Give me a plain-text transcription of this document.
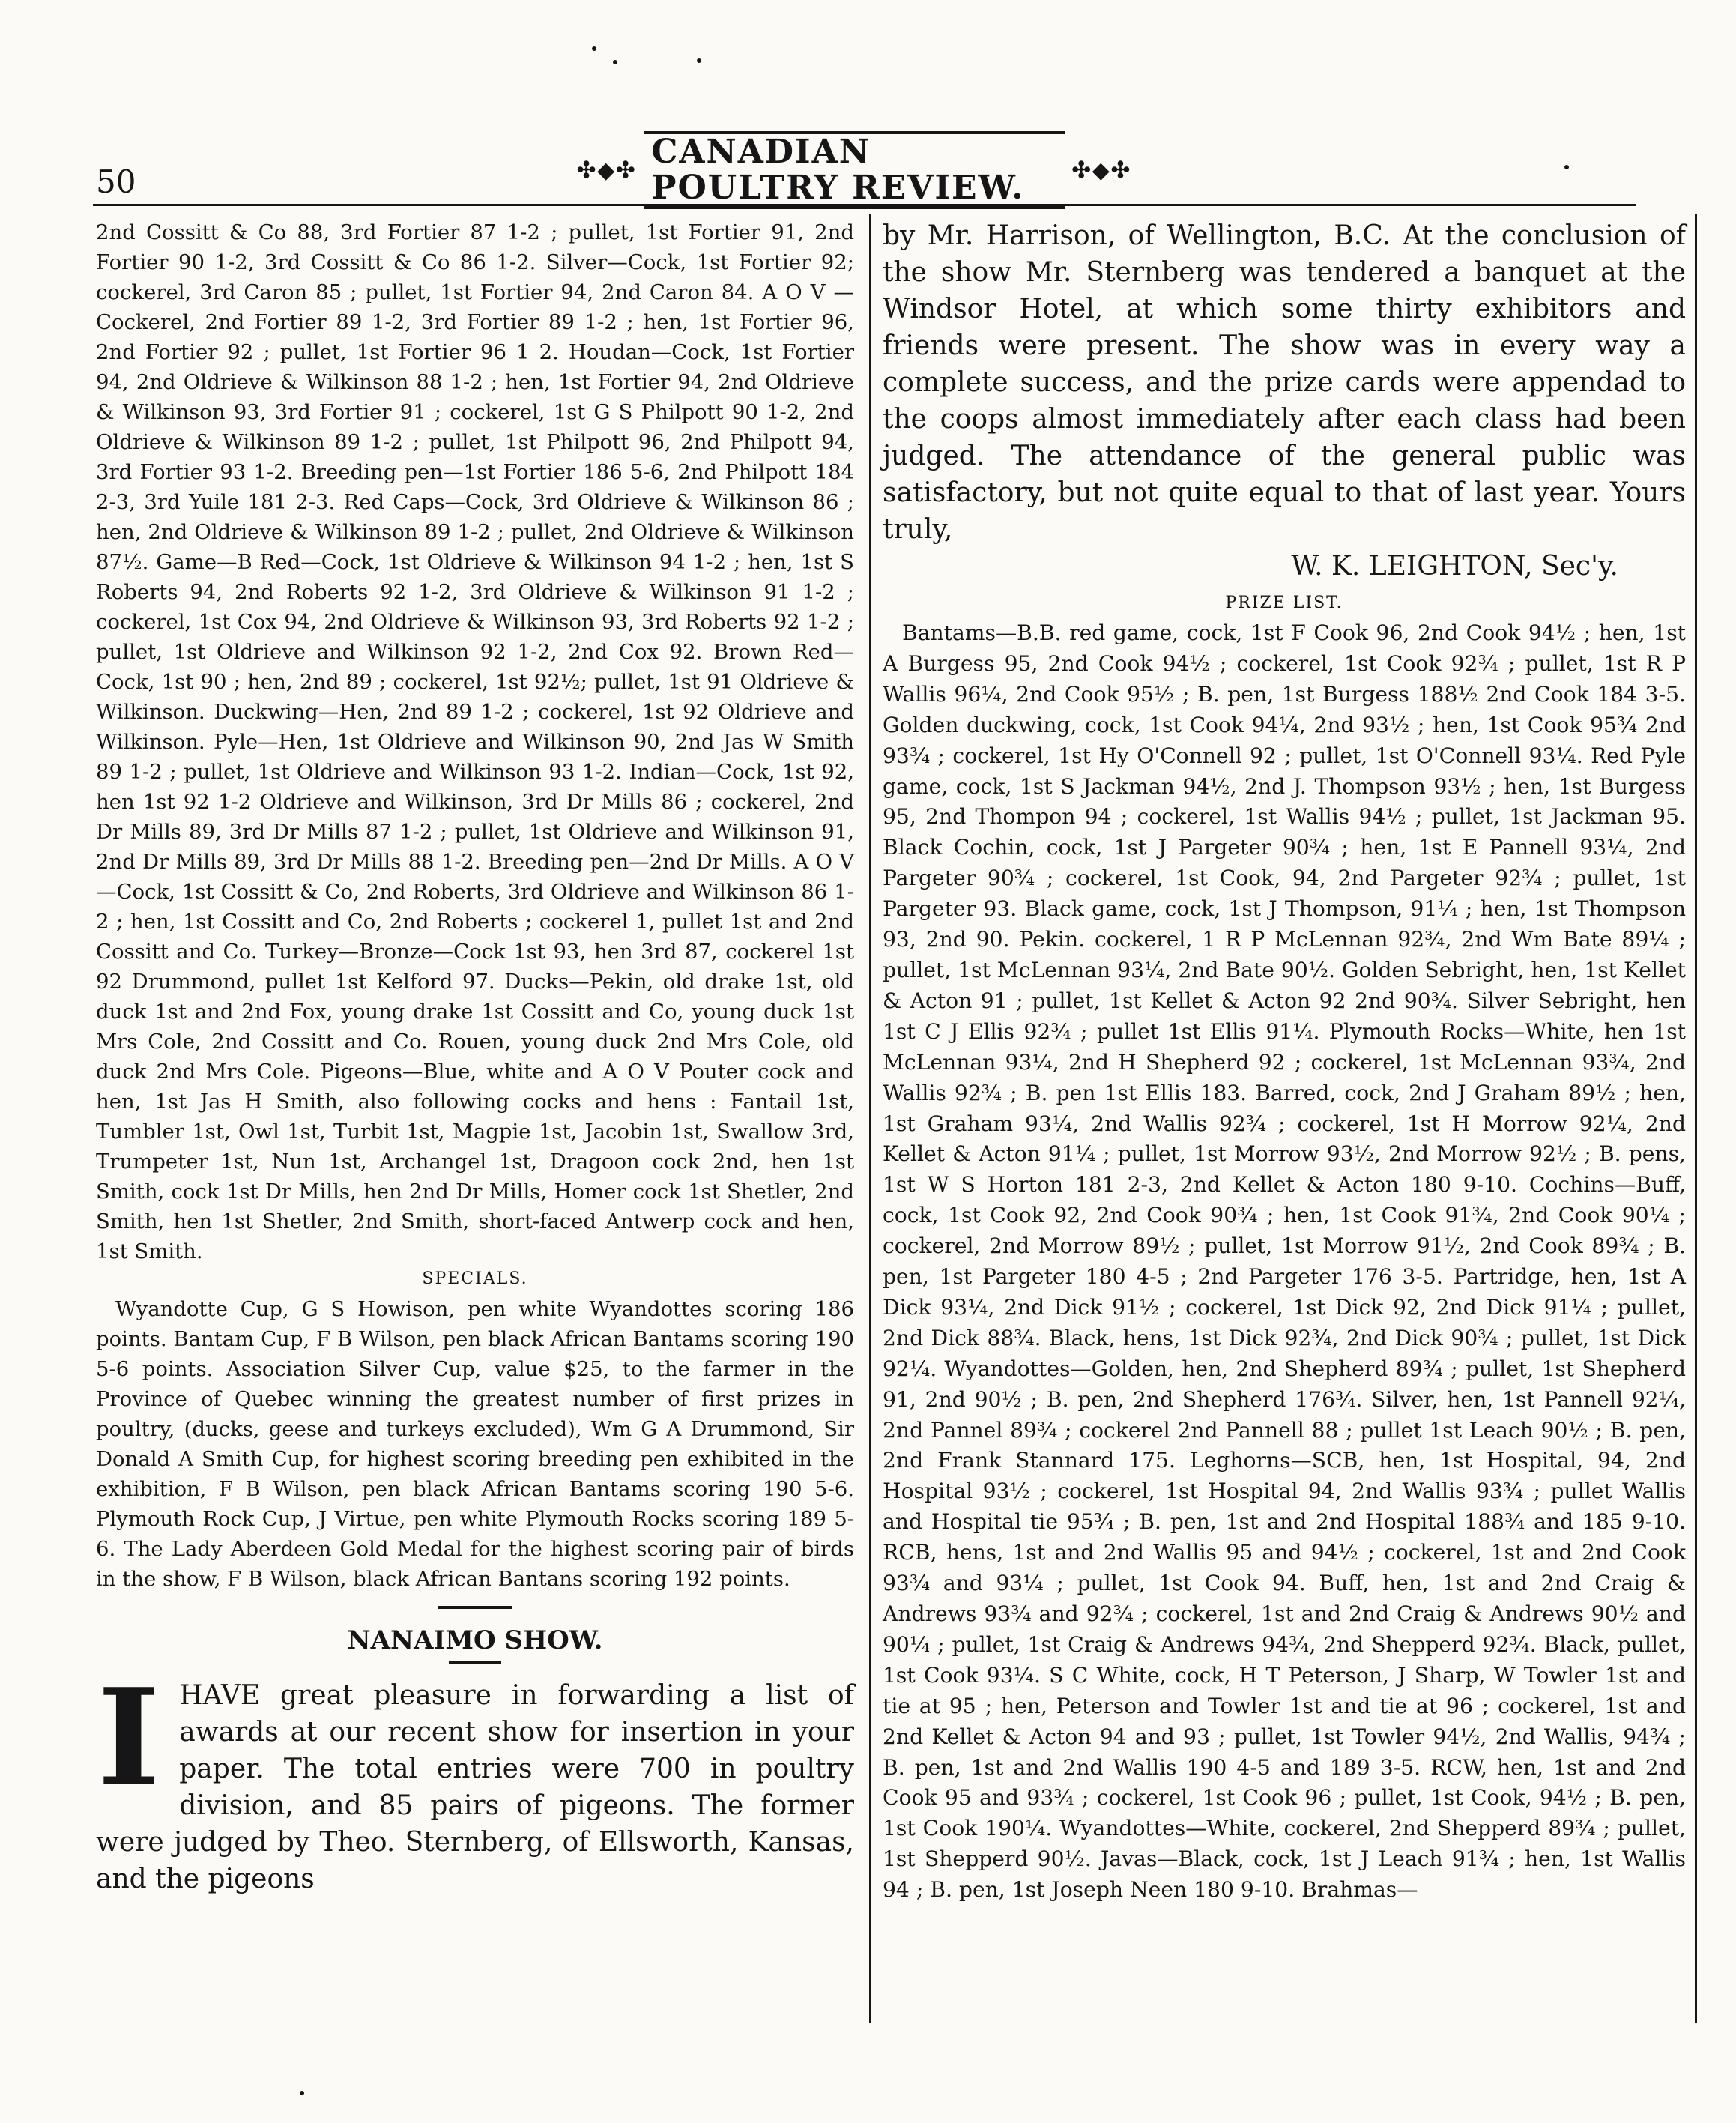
50	✣◆✣ CANADIAN POULTRY REVIEW.	✣◆✣

2nd Cossitt & Co 88, 3rd Fortier 87 1-2 ; pullet, 1st Fortier 91, 2nd Fortier 90 1-2, 3rd Cossitt & Co 86 1-2. Silver—Cock, 1st Fortier 92; cockerel, 3rd Caron 85 ; pullet, 1st Fortier 94, 2nd Caron 84. A O V —Cockerel, 2nd Fortier 89 1-2, 3rd Fortier 89 1-2 ; hen, 1st Fortier 96, 2nd Fortier 92 ; pullet, 1st Fortier 96 1 2. Houdan—Cock, 1st Fortier 94, 2nd Oldrieve & Wilkinson 88 1-2 ; hen, 1st Fortier 94, 2nd Oldrieve & Wilkinson 93, 3rd Fortier 91 ; cockerel, 1st G S Philpott 90 1-2, 2nd Oldrieve & Wilkinson 89 1-2 ; pullet, 1st Philpott 96, 2nd Philpott 94, 3rd Fortier 93 1-2. Breeding pen—1st Fortier 186 5-6, 2nd Philpott 184 2-3, 3rd Yuile 181 2-3. Red Caps—Cock, 3rd Oldrieve & Wilkinson 86 ; hen, 2nd Oldrieve & Wilkinson 89 1-2 ; pullet, 2nd Oldrieve & Wilkinson 87½. Game—B Red—Cock, 1st Oldrieve & Wilkinson 94 1-2 ; hen, 1st S Roberts 94, 2nd Roberts 92 1-2, 3rd Oldrieve & Wilkinson 91 1-2 ; cockerel, 1st Cox 94, 2nd Oldrieve & Wilkinson 93, 3rd Roberts 92 1-2 ; pullet, 1st Oldrieve and Wilkinson 92 1-2, 2nd Cox 92. Brown Red—Cock, 1st 90 ; hen, 2nd 89 ; cockerel, 1st 92½; pullet, 1st 91 Oldrieve & Wilkinson. Duckwing—Hen, 2nd 89 1-2 ; cockerel, 1st 92 Oldrieve and Wilkinson. Pyle—Hen, 1st Oldrieve and Wilkinson 90, 2nd Jas W Smith 89 1-2 ; pullet, 1st Oldrieve and Wilkinson 93 1-2. Indian—Cock, 1st 92, hen 1st 92 1-2 Oldrieve and Wilkinson, 3rd Dr Mills 86 ; cockerel, 2nd Dr Mills 89, 3rd Dr Mills 87 1-2 ; pullet, 1st Oldrieve and Wilkinson 91, 2nd Dr Mills 89, 3rd Dr Mills 88 1-2. Breeding pen—2nd Dr Mills. A O V —Cock, 1st Cossitt & Co, 2nd Roberts, 3rd Oldrieve and Wilkinson 86 1-2 ; hen, 1st Cossitt and Co, 2nd Roberts ; cockerel 1, pullet 1st and 2nd Cossitt and Co. Turkey—Bronze—Cock 1st 93, hen 3rd 87, cockerel 1st 92 Drummond, pullet 1st Kelford 97. Ducks—Pekin, old drake 1st, old duck 1st and 2nd Fox, young drake 1st Cossitt and Co, young duck 1st Mrs Cole, 2nd Cossitt and Co. Rouen, young duck 2nd Mrs Cole, old duck 2nd Mrs Cole. Pigeons—Blue, white and A O V Pouter cock and hen, 1st Jas H Smith, also following cocks and hens : Fantail 1st, Tumbler 1st, Owl 1st, Turbit 1st, Magpie 1st, Jacobin 1st, Swallow 3rd, Trumpeter 1st, Nun 1st, Archangel 1st, Dragoon cock 2nd, hen 1st Smith, cock 1st Dr Mills, hen 2nd Dr Mills, Homer cock 1st Shetler, 2nd Smith, hen 1st Shetler, 2nd Smith, short-faced Antwerp cock and hen, 1st Smith.

SPECIALS.

Wyandotte Cup, G S Howison, pen white Wyandottes scoring 186 points. Bantam Cup, F B Wilson, pen black African Bantams scoring 190 5-6 points. Association Silver Cup, value $25, to the farmer in the Province of Quebec winning the greatest number of first prizes in poultry, (ducks, geese and turkeys excluded), Wm G A Drummond, Sir Donald A Smith Cup, for highest scoring breeding pen exhibited in the exhibition, F B Wilson, pen black African Bantams scoring 190 5-6. Plymouth Rock Cup, J Virtue, pen white Plymouth Rocks scoring 189 5-6. The Lady Aberdeen Gold Medal for the highest scoring pair of birds in the show, F B Wilson, black African Bantans scoring 192 points.

NANAIMO SHOW.

IHAVE great pleasure in forwarding a list of awards at our recent show for insertion in your paper. The total entries were 700 in poultry division, and 85 pairs of pigeons. The former were judged by Theo. Sternberg, of Ellsworth, Kansas, and the pigeons

by Mr. Harrison, of Wellington, B.C. At the conclusion of the show Mr. Sternberg was tendered a banquet at the Windsor Hotel, at which some thirty exhibitors and friends were present. The show was in every way a complete success, and the prize cards were appendad to the coops almost immediately after each class had been judged. The attendance of the general public was satisfactory, but not quite equal to that of last year. Yours truly,

W. K. LEIGHTON, Sec'y.

PRIZE LIST.

Bantams—B.B. red game, cock, 1st F Cook 96, 2nd Cook 94½ ; hen, 1st A Burgess 95, 2nd Cook 94½ ; cockerel, 1st Cook 92¾ ; pullet, 1st R P Wallis 96¼, 2nd Cook 95½ ; B. pen, 1st Burgess 188½ 2nd Cook 184 3-5. Golden duckwing, cock, 1st Cook 94¼, 2nd 93½ ; hen, 1st Cook 95¾ 2nd 93¾ ; cockerel, 1st Hy O'Connell 92 ; pullet, 1st O'Connell 93¼. Red Pyle game, cock, 1st S Jackman 94½, 2nd J. Thompson 93½ ; hen, 1st Burgess 95, 2nd Thompon 94 ; cockerel, 1st Wallis 94½ ; pullet, 1st Jackman 95. Black Cochin, cock, 1st J Pargeter 90¾ ; hen, 1st E Pannell 93¼, 2nd Pargeter 90¾ ; cockerel, 1st Cook, 94, 2nd Pargeter 92¾ ; pullet, 1st Pargeter 93. Black game, cock, 1st J Thompson, 91¼ ; hen, 1st Thompson 93, 2nd 90. Pekin. cockerel, 1 R P McLennan 92¾, 2nd Wm Bate 89¼ ; pullet, 1st McLennan 93¼, 2nd Bate 90½. Golden Sebright, hen, 1st Kellet & Acton 91 ; pullet, 1st Kellet & Acton 92 2nd 90¾. Silver Sebright, hen 1st C J Ellis 92¾ ; pullet 1st Ellis 91¼. Plymouth Rocks—White, hen 1st McLennan 93¼, 2nd H Shepherd 92 ; cockerel, 1st McLennan 93¾, 2nd Wallis 92¾ ; B. pen 1st Ellis 183. Barred, cock, 2nd J Graham 89½ ; hen, 1st Graham 93¼, 2nd Wallis 92¾ ; cockerel, 1st H Morrow 92¼, 2nd Kellet & Acton 91¼ ; pullet, 1st Morrow 93½, 2nd Morrow 92½ ; B. pens, 1st W S Horton 181 2-3, 2nd Kellet & Acton 180 9-10. Cochins—Buff, cock, 1st Cook 92, 2nd Cook 90¾ ; hen, 1st Cook 91¾, 2nd Cook 90¼ ; cockerel, 2nd Morrow 89½ ; pullet, 1st Morrow 91½, 2nd Cook 89¾ ; B. pen, 1st Pargeter 180 4-5 ; 2nd Pargeter 176 3-5. Partridge, hen, 1st A Dick 93¼, 2nd Dick 91½ ; cockerel, 1st Dick 92, 2nd Dick 91¼ ; pullet, 2nd Dick 88¾. Black, hens, 1st Dick 92¾, 2nd Dick 90¾ ; pullet, 1st Dick 92¼. Wyandottes—Golden, hen, 2nd Shepherd 89¾ ; pullet, 1st Shepherd 91, 2nd 90½ ; B. pen, 2nd Shepherd 176¾. Silver, hen, 1st Pannell 92¼, 2nd Pannel 89¾ ; cockerel 2nd Pannell 88 ; pullet 1st Leach 90½ ; B. pen, 2nd Frank Stannard 175. Leghorns—SCB, hen, 1st Hospital, 94, 2nd Hospital 93½ ; cockerel, 1st Hospital 94, 2nd Wallis 93¾ ; pullet Wallis and Hospital tie 95¾ ; B. pen, 1st and 2nd Hospital 188¾ and 185 9-10. RCB, hens, 1st and 2nd Wallis 95 and 94½ ; cockerel, 1st and 2nd Cook 93¾ and 93¼ ; pullet, 1st Cook 94. Buff, hen, 1st and 2nd Craig & Andrews 93¾ and 92¾ ; cockerel, 1st and 2nd Craig & Andrews 90½ and 90¼ ; pullet, 1st Craig & Andrews 94¾, 2nd Shepperd 92¾. Black, pullet, 1st Cook 93¼. S C White, cock, H T Peterson, J Sharp, W Towler 1st and tie at 95 ; hen, Peterson and Towler 1st and tie at 96 ; cockerel, 1st and 2nd Kellet & Acton 94 and 93 ; pullet, 1st Towler 94½, 2nd Wallis, 94¾ ; B. pen, 1st and 2nd Wallis 190 4-5 and 189 3-5. RCW, hen, 1st and 2nd Cook 95 and 93¾ ; cockerel, 1st Cook 96 ; pullet, 1st Cook, 94½ ; B. pen, 1st Cook 190¼. Wyandottes—White, cockerel, 2nd Shepperd 89¾ ; pullet, 1st Shepperd 90½. Javas—Black, cock, 1st J Leach 91¾ ; hen, 1st Wallis 94 ; B. pen, 1st Joseph Neen 180 9-10. Brahmas—
